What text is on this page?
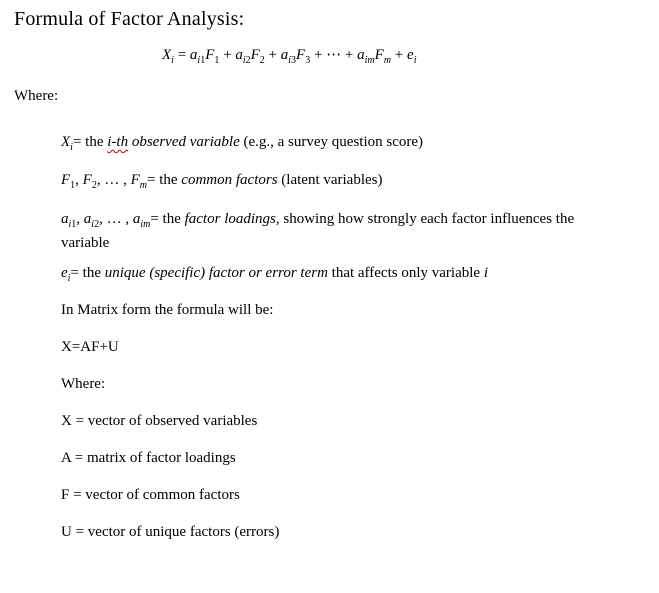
Formula of Factor Analysis:
$X_i = a_{i1}F_1 + a_{i2}F_2 + a_{i3}F_3$ + ⋯ + $a_{im}F_m + e_i$
Where:
$X_i=$ the i-th observed variable (e.g., a survey question score)
$F_1$, $F_2$, … , $F_m=$ the common factors (latent variables)
$a_{i1}$, $a_{i2}$, … , $a_{im}=$ the factor loadings, showing how strongly each factor influences the variable
$e_i=$ the unique (specific) factor or error term that affects only variable i
In Matrix form the formula will be:
X=AF+U
Where:
X = vector of observed variables
A = matrix of factor loadings
F = vector of common factors
U = vector of unique factors (errors)
